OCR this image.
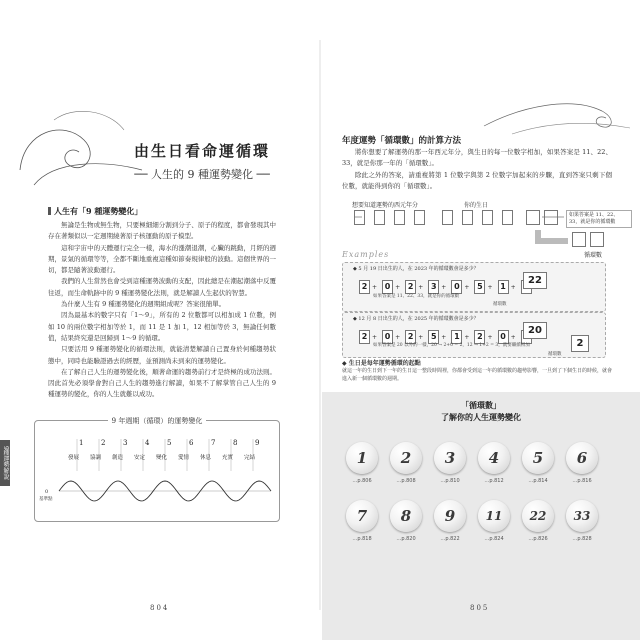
9種運勢解說
由生日看命運循環
── 人生的 9 種運勢變化 ──
人生有「9 種運勢變化」

無論是生物或無生物，只要極細細分割到分子、原子的程度，都會發現其中存在著類似以一定週期繞著原子核運動的原子模型。

這和宇宙中的天體運行完全一樣，海水的漲潮退潮，心臟的跳動，月經的週期，景氣的循環等等，全都不斷地重複這種如節奏規律般的波動。這個世界的一切，都是隨著波動運行。

我們的人生當然也會受到這種運勢波動的支配，因此總是在潮起潮落中反覆往返，而生命軌跡中的 9 種運勢變化法則，就是解讀人生起伏的智慧。

為什麼人生有 9 種運勢變化的週期組成呢？答案很簡單。

因為最基本的數字只有「1〜9」，所有的 2 位數都可以相加成 1 位數，例如 10 的兩位數字相加等於 1，而 11 是 1 加 1，12 相加等於 3，無論任何數值，結果終究還是回歸到 1〜9 的循環。

只要活用 9 種運勢變化的循環法則，就能清楚解讀自己置身於何種趨勢狀態中，同時也能驗證過去的經歷，並預測尚未到來的運勢變化。

在了解自己人生的運勢變化後，順著命運的趨勢前行才是終極的成功法則。因此首先必須學會對自己人生的趨勢進行解讀，如果不了解掌管自己人生的 9 種運勢的變化，你的人生就難以成功。

9 年週期（循環）的運勢變化
0
基準點
1
發展
2
協調
3
創造
4
安定
5
變化
6
愛情
7
休息
8
充實
9
完結
804
年度運勢「循環數」的計算方法

將你想要了解運勢的那一年西元年分，與生日的每一位數字相加，如果答案是 11、22、33，就是你那一年的「循環數」。

除此之外的答案，請重複將第 1 位數字與第 2 位數字加起來的步驟，直到答案只剩下個位數，就能得到你的「循環數」。

想要知道運勢的西元年分	你的生日
如果答案是 11、22、33，就是你的循環數
循環數
Examples
◆ 5 月 19 日出生的人，在 2023 年的循環數會是多少？
2 + 0 + 2 + 3 + 0 + 5 + 1 +
22
如果答案是 11、22、33，就是你的循環數
循環數
◆ 12 月 8 日出生的人，在 2025 年的循環數會是多少？
2 + 0 + 2 + 5 + 1 + 2 + 0 +
20
如果答案是 20 以外的一樣，20 → 2+0 = 2，12 → 1+2 = 3，就要繼續相加	2
循環數
◆ 生日是每年運勢循環的起點
就這一年的生日到下一年的生日這一整段時間裡，你都會受到這一年的循環數的趨勢影響，一旦到了下個生日的時候，就會進入新一個循環數的週期。
「循環數」
了解你的人生運勢變化
1
…p.806
2
…p.808
3
…p.810
4
…p.812
5
…p.814
6
…p.816
7
…p.818
8
…p.820
9
…p.822
11
…p.824
22
…p.826
33
…p.828
805
